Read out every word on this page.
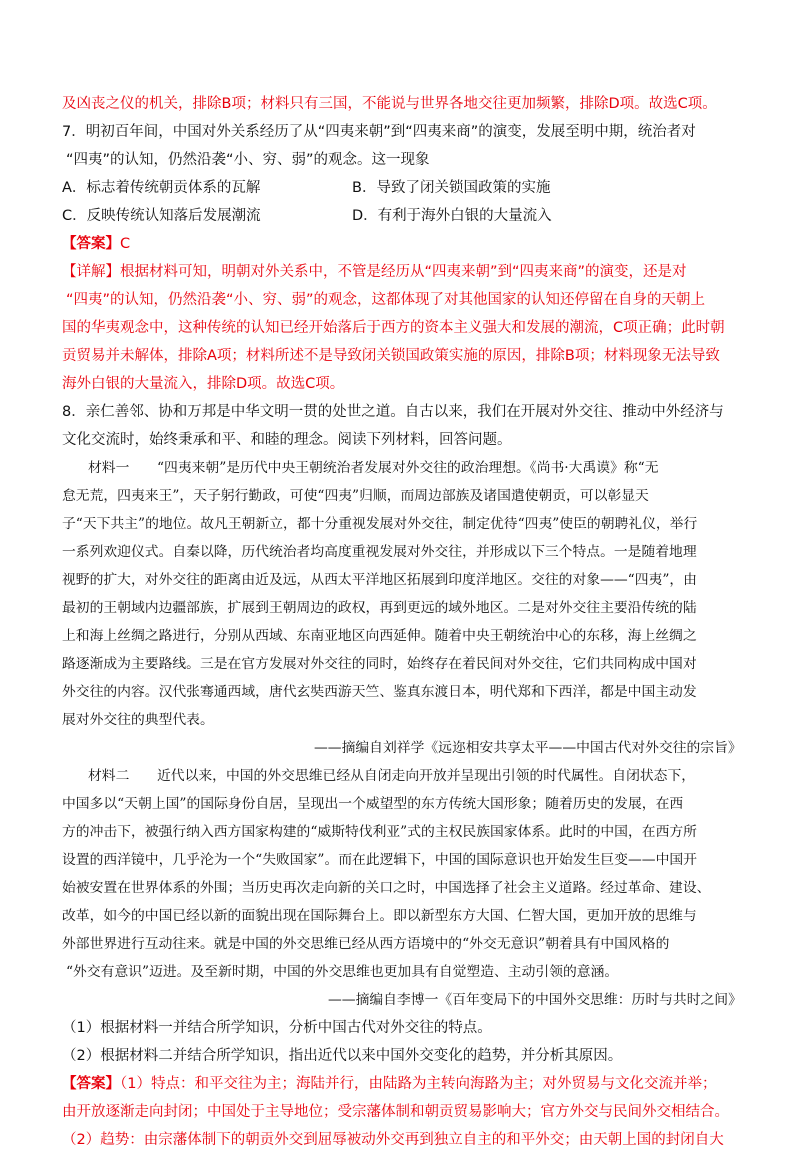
及凶丧之仪的机关，排除B项；材料只有三国，不能说与世界各地交往更加频繁，排除D项。故选C项。
7．明初百年间，中国对外关系经历了从“四夷来朝”到“四夷来商”的演变，发展至明中期，统治者对
“四夷”的认知，仍然沿袭“小、穷、弱”的观念。这一现象
【详解】根据材料可知，明朝对外关系中，不管是经历从“四夷来朝”到“四夷来商”的演变，还是对
“四夷”的认知，仍然沿袭“小、穷、弱”的观念，这都体现了对其他国家的认知还停留在自身的天朝上
国的华夷观念中，这种传统的认知已经开始落后于西方的资本主义强大和发展的潮流，C项正确；此时朝
贡贸易并未解体，排除A项；材料所述不是导致闭关锁国政策实施的原因，排除B项；材料现象无法导致
海外白银的大量流入，排除D项。故选C项。
8．亲仁善邻、协和万邦是中华文明一贯的处世之道。自古以来，我们在开展对外交往、推动中外经济与
文化交流时，始终秉承和平、和睦的理念。阅读下列材料，回答问题。
材料一　　“四夷来朝”是历代中央王朝统治者发展对外交往的政治理想。《尚书·大禹谟》称“无
怠无荒，四夷来王”，天子躬行勤政，可使“四夷”归顺，而周边部族及诸国遣使朝贡，可以彰显天
子“天下共主”的地位。故凡王朝新立，都十分重视发展对外交往，制定优待“四夷”使臣的朝聘礼仪，举行
一系列欢迎仪式。自秦以降，历代统治者均高度重视发展对外交往，并形成以下三个特点。一是随着地理
视野的扩大，对外交往的距离由近及远，从西太平洋地区拓展到印度洋地区。交往的对象——“四夷”，由
最初的王朝域内边疆部族，扩展到王朝周边的政权，再到更远的域外地区。二是对外交往主要沿传统的陆
上和海上丝绸之路进行，分别从西域、东南亚地区向西延伸。随着中央王朝统治中心的东移，海上丝绸之
路逐渐成为主要路线。三是在官方发展对外交往的同时，始终存在着民间对外交往，它们共同构成中国对
外交往的内容。汉代张骞通西域，唐代玄奘西游天竺、鉴真东渡日本，明代郑和下西洋，都是中国主动发
展对外交往的典型代表。
——摘编自刘祥学《远迩相安共享太平——中国古代对外交往的宗旨》
材料二　　近代以来，中国的外交思维已经从自闭走向开放并呈现出引领的时代属性。自闭状态下，
中国多以“天朝上国”的国际身份自居，呈现出一个威望型的东方传统大国形象；随着历史的发展，在西
方的冲击下，被强行纳入西方国家构建的“威斯特伐利亚”式的主权民族国家体系。此时的中国，在西方所
设置的西洋镜中，几乎沦为一个“失败国家”。而在此逻辑下，中国的国际意识也开始发生巨变——中国开
始被安置在世界体系的外围；当历史再次走向新的关口之时，中国选择了社会主义道路。经过革命、建设、
改革，如今的中国已经以新的面貌出现在国际舞台上。即以新型东方大国、仁智大国，更加开放的思维与
外部世界进行互动往来。就是中国的外交思维已经从西方语境中的“外交无意识”朝着具有中国风格的
“外交有意识”迈进。及至新时期，中国的外交思维也更加具有自觉塑造、主动引领的意涵。
——摘编自李博一《百年变局下的中国外交思维：历时与共时之间》
（1）根据材料一并结合所学知识，分析中国古代对外交往的特点。
（2）根据材料二并结合所学知识，指出近代以来中国外交变化的趋势，并分析其原因。
由开放逐渐走向封闭；中国处于主导地位；受宗藩体制和朝贡贸易影响大；官方外交与民间外交相结合。
A．标志着传统朝贡体系的瓦解	B．导致了闭关锁国政策的实施
C．反映传统认知落后发展潮流	D．有利于海外白银的大量流入
【答案】C
【答案】（1）特点：和平交往为主；海陆并行，由陆路为主转向海路为主；对外贸易与文化交流并举；
（2）趋势：由宗藩体制下的朝贡外交到屈辱被动外交再到独立自主的和平外交；由天朝上国的封闭自大
